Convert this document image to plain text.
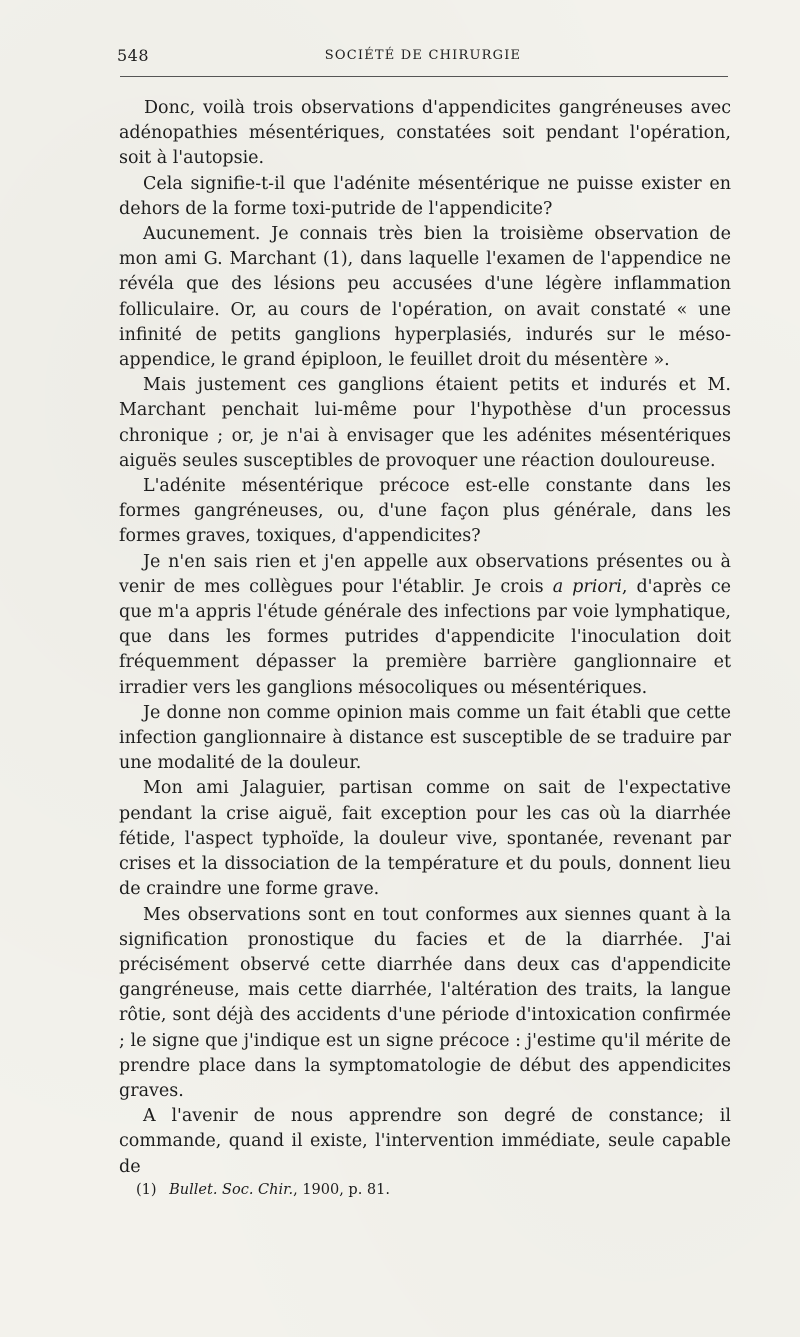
548	SOCIÉTÉ DE CHIRURGIE

Donc, voilà trois observations d'appendicites gangréneuses avec adénopathies mésentériques, constatées soit pendant l'opération, soit à l'autopsie.

Cela signifie-t-il que l'adénite mésentérique ne puisse exister en dehors de la forme toxi-putride de l'appendicite?

Aucunement. Je connais très bien la troisième observation de mon ami G. Marchant (1), dans laquelle l'examen de l'appendice ne révéla que des lésions peu accusées d'une légère inflammation folliculaire. Or, au cours de l'opération, on avait constaté « une infinité de petits ganglions hyperplasiés, indurés sur le méso-appendice, le grand épiploon, le feuillet droit du mésentère ».

Mais justement ces ganglions étaient petits et indurés et M. Marchant penchait lui-même pour l'hypothèse d'un processus chronique ; or, je n'ai à envisager que les adénites mésentériques aiguës seules susceptibles de provoquer une réaction douloureuse.

L'adénite mésentérique précoce est-elle constante dans les formes gangréneuses, ou, d'une façon plus générale, dans les formes graves, toxiques, d'appendicites?

Je n'en sais rien et j'en appelle aux observations présentes ou à venir de mes collègues pour l'établir. Je crois a priori, d'après ce que m'a appris l'étude générale des infections par voie lymphatique, que dans les formes putrides d'appendicite l'inoculation doit fréquemment dépasser la première barrière ganglionnaire et irradier vers les ganglions mésocoliques ou mésentériques.

Je donne non comme opinion mais comme un fait établi que cette infection ganglionnaire à distance est susceptible de se traduire par une modalité de la douleur.

Mon ami Jalaguier, partisan comme on sait de l'expectative pendant la crise aiguë, fait exception pour les cas où la diarrhée fétide, l'aspect typhoïde, la douleur vive, spontanée, revenant par crises et la dissociation de la température et du pouls, donnent lieu de craindre une forme grave.

Mes observations sont en tout conformes aux siennes quant à la signification pronostique du facies et de la diarrhée. J'ai précisément observé cette diarrhée dans deux cas d'appendicite gangréneuse, mais cette diarrhée, l'altération des traits, la langue rôtie, sont déjà des accidents d'une période d'intoxication confirmée ; le signe que j'indique est un signe précoce : j'estime qu'il mérite de prendre place dans la symptomatologie de début des appendicites graves.

A l'avenir de nous apprendre son degré de constance; il commande, quand il existe, l'intervention immédiate, seule capable de

(1) Bullet. Soc. Chir., 1900, p. 81.
